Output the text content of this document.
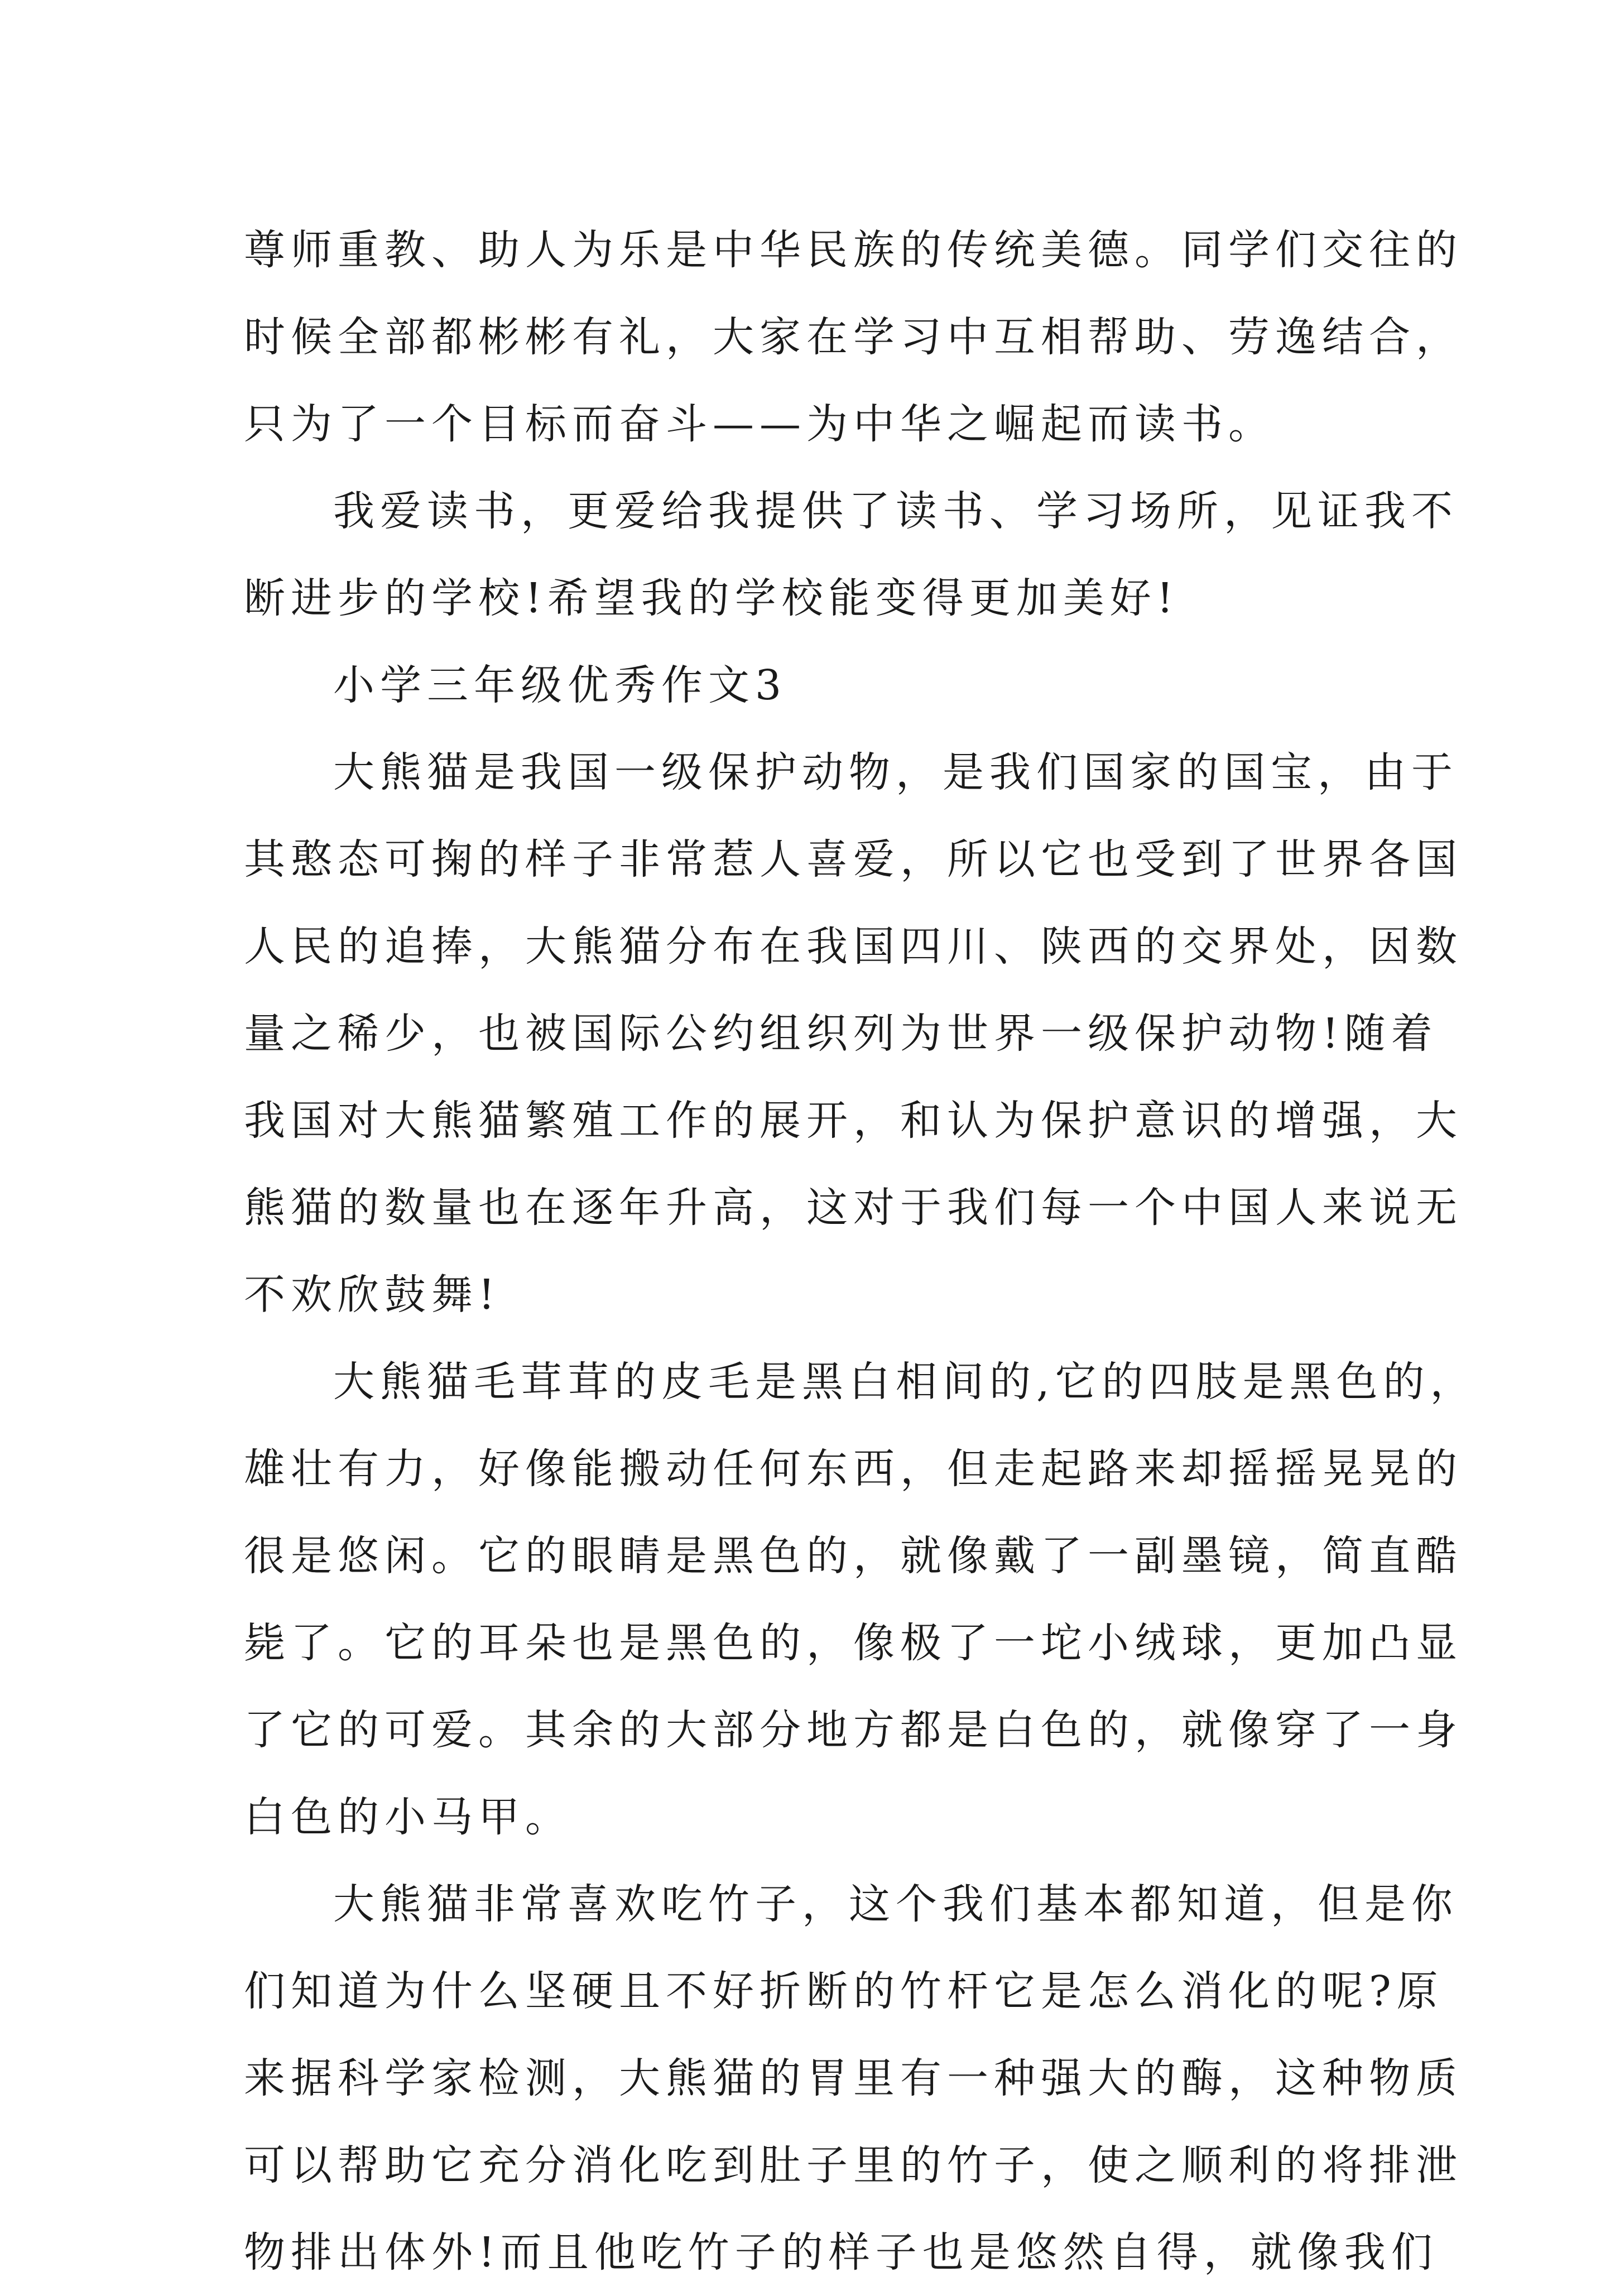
尊师重教、助人为乐是中华民族的传统美德。同学们交往的
时候全部都彬彬有礼，大家在学习中互相帮助、劳逸结合，
只为了一个目标而奋斗——为中华之崛起而读书。
我爱读书，更爱给我提供了读书、学习场所，见证我不
断进步的学校!希望我的学校能变得更加美好!
小学三年级优秀作文3
大熊猫是我国一级保护动物，是我们国家的国宝，由于
其憨态可掬的样子非常惹人喜爱，所以它也受到了世界各国
人民的追捧，大熊猫分布在我国四川、陕西的交界处，因数
量之稀少，也被国际公约组织列为世界一级保护动物!随着
我国对大熊猫繁殖工作的展开，和认为保护意识的增强，大
熊猫的数量也在逐年升高，这对于我们每一个中国人来说无
不欢欣鼓舞!
大熊猫毛茸茸的皮毛是黑白相间的,它的四肢是黑色的，
雄壮有力，好像能搬动任何东西，但走起路来却摇摇晃晃的
很是悠闲。它的眼睛是黑色的，就像戴了一副墨镜，简直酷
毙了。它的耳朵也是黑色的，像极了一坨小绒球，更加凸显
了它的可爱。其余的大部分地方都是白色的，就像穿了一身
白色的小马甲。
大熊猫非常喜欢吃竹子，这个我们基本都知道，但是你
们知道为什么坚硬且不好折断的竹杆它是怎么消化的呢?原
来据科学家检测，大熊猫的胃里有一种强大的酶，这种物质
可以帮助它充分消化吃到肚子里的竹子，使之顺利的将排泄
物排出体外!而且他吃竹子的样子也是悠然自得，就像我们
